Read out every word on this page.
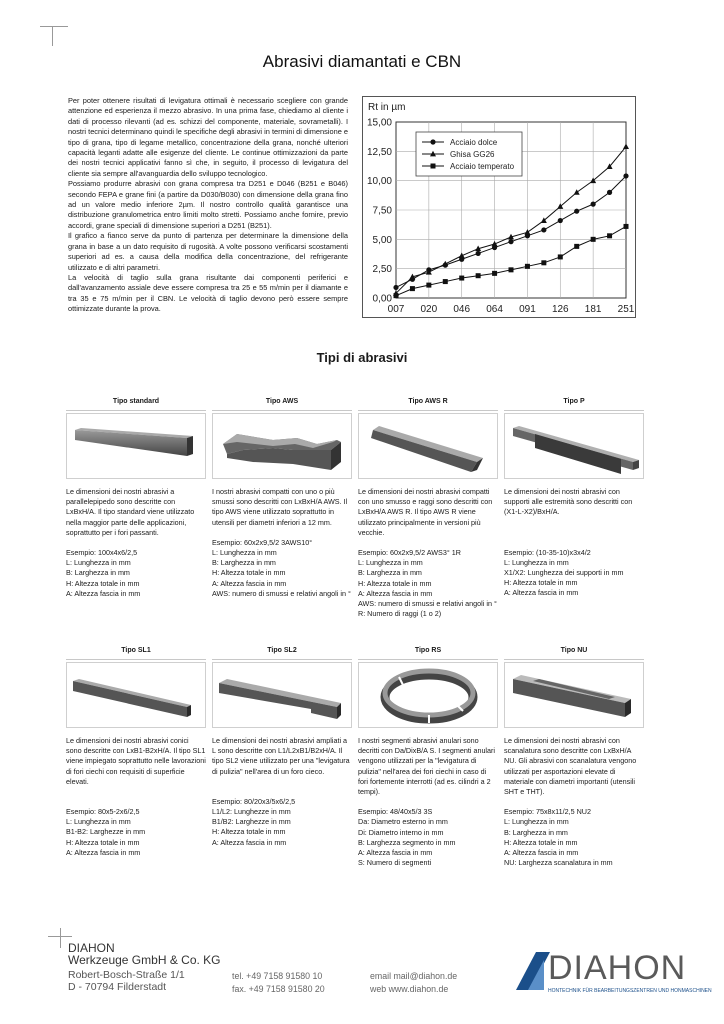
Abrasivi diamantati e CBN

Per poter ottenere risultati di levigatura ottimali è necessario scegliere con grande attenzione ed esperienza il mezzo abrasivo. In una prima fase, chiediamo al cliente i dati di processo rilevanti (ad es. schizzi del componente, materiale, sovrametalli). I nostri tecnici determinano quindi le specifiche degli abrasivi in termini di dimensione e tipo di grana, tipo di legame metallico, concentrazione della grana, nonché ulteriori capacità leganti adatte alle esigenze del cliente. Le continue ottimizzazioni da parte dei nostri tecnici applicativi fanno sì che, in seguito, il processo di levigatura del cliente sia sempre all'avanguardia dello sviluppo tecnologico.

Possiamo produrre abrasivi con grana compresa tra D251 e D046 (B251 e B046) secondo FEPA e grane fini (a partire da D030/B030) con dimensione della grana fino ad un valore medio inferiore 2µm. Il nostro controllo qualità garantisce una distribuzione granulometrica entro limiti molto stretti. Possiamo anche fornire, previo accordi, grane speciali di dimensione superiori a D251 (B251).

Il grafico a fianco serve da punto di partenza per determinare la dimensione della grana in base a un dato requisito di rugosità. A volte possono verificarsi scostamenti superiori ad es. a causa della modifica della concentrazione, del refrigerante utilizzato e di altri parametri.

La velocità di taglio sulla grana risultante dai componenti periferici e dall'avanzamento assiale deve essere compresa tra 25 e 55 m/min per il diamante e tra 35 e 75 m/min per il CBN. Le velocità di taglio devono però essere sempre ottimizzate durante la prova.

0,00
2,50
5,00
7,50
10,00
12,50
15,00
007 020 046 064 091 126 181 251
Rt in µm
Acciaio dolce
Ghisa GG26
Acciaio temperato
Tipi di abrasivi
Tipo standard
Le dimensioni dei nostri abrasivi a parallelepipedo sono descritte con LxBxH/A. Il tipo standard viene utilizzato nella maggior parte delle applicazioni, soprattutto per i fori passanti.
Esempio: 100x4x6/2,5
L: Lunghezza in mm
B: Larghezza in mm
H: Altezza totale in mm
A: Altezza fascia in mm
Tipo AWS
I nostri abrasivi compatti con uno o più smussi sono descritti con LxBxH/A AWS. Il tipo AWS viene utilizzato soprattutto in utensili per diametri inferiori a 12 mm.
Esempio: 60x2x9,5/2 3AWS10°
L: Lunghezza in mm
B: Larghezza in mm
H: Altezza totale in mm
A: Altezza fascia in mm
AWS: numero di smussi e relativi angoli in °
Tipo AWS R
Le dimensioni dei nostri abrasivi compatti con uno smusso e raggi sono descritti con LxBxH/A AWS R. Il tipo AWS R viene utilizzato principalmente in versioni più vecchie.
Esempio: 60x2x9,5/2 AWS3° 1R
L: Lunghezza in mm
B: Larghezza in mm
H: Altezza totale in mm
A: Altezza fascia in mm
AWS: numero di smussi e relativi angoli in °
R: Numero di raggi (1 o 2)
Tipo P
Le dimensioni dei nostri abrasivi con supporti alle estremità sono descritti con (X1-L-X2)/BxH/A.
Esempio: (10-35-10)x3x4/2
L: Lunghezza in mm
X1/X2: Lunghezza dei supporti in mm
H: Altezza totale in mm
A: Altezza fascia in mm
Tipo SL1
Le dimensioni dei nostri abrasivi conici sono descritte con LxB1-B2xH/A. Il tipo SL1 viene impiegato soprattutto nelle lavorazioni di fori ciechi con requisiti di superficie elevati.
Esempio: 80x5-2x6/2,5
L: Lunghezza in mm
B1-B2: Larghezze in mm
H: Altezza totale in mm
A: Altezza fascia in mm
Tipo SL2
Le dimensioni dei nostri abrasivi ampliati a L sono descritte con L1/L2xB1/B2xH/A. Il tipo SL2 viene utilizzato per una "levigatura di pulizia" nell'area di un foro cieco.
Esempio: 80/20x3/5x6/2,5
L1/L2: Lunghezze in mm
B1/B2: Larghezze in mm
H: Altezza totale in mm
A: Altezza fascia in mm
Tipo RS
I nostri segmenti abrasivi anulari sono decritti con Da/DixB/A S. I segmenti anulari vengono utilizzati per la "levigatura di pulizia" nell'area dei fori ciechi in caso di fori fortemente interrotti (ad es. cilindri a 2 tempi).
Esempio: 48/40x5/3 3S
Da: Diametro esterno in mm
Di: Diametro interno in mm
B: Larghezza segmento in mm
A: Altezza fascia in mm
S: Numero di segmenti
Tipo NU
Le dimensioni dei nostri abrasivi con scanalatura sono descritte con LxBxH/A NU. Gli abrasivi con scanalatura vengono utilizzati per asportazioni elevate di materiale con diametri importanti (utensili SHT e THT).
Esempio: 75x8x11/2,5 NU2
L: Lunghezza in mm
B: Larghezza in mm
H: Altezza totale in mm
A: Altezza fascia in mm
NU: Larghezza scanalatura in mm
DIAHON
Werkzeuge GmbH & Co. KG
Robert-Bosch-Straße 1/1
D - 70794 Filderstadt
tel. +49 7158 91580 10
fax. +49 7158 91580 20
email mail@diahon.de
web www.diahon.de
DIAHON
HONTECHNIK FÜR BEARBEITUNGSZENTREN UND HONMASCHINEN
